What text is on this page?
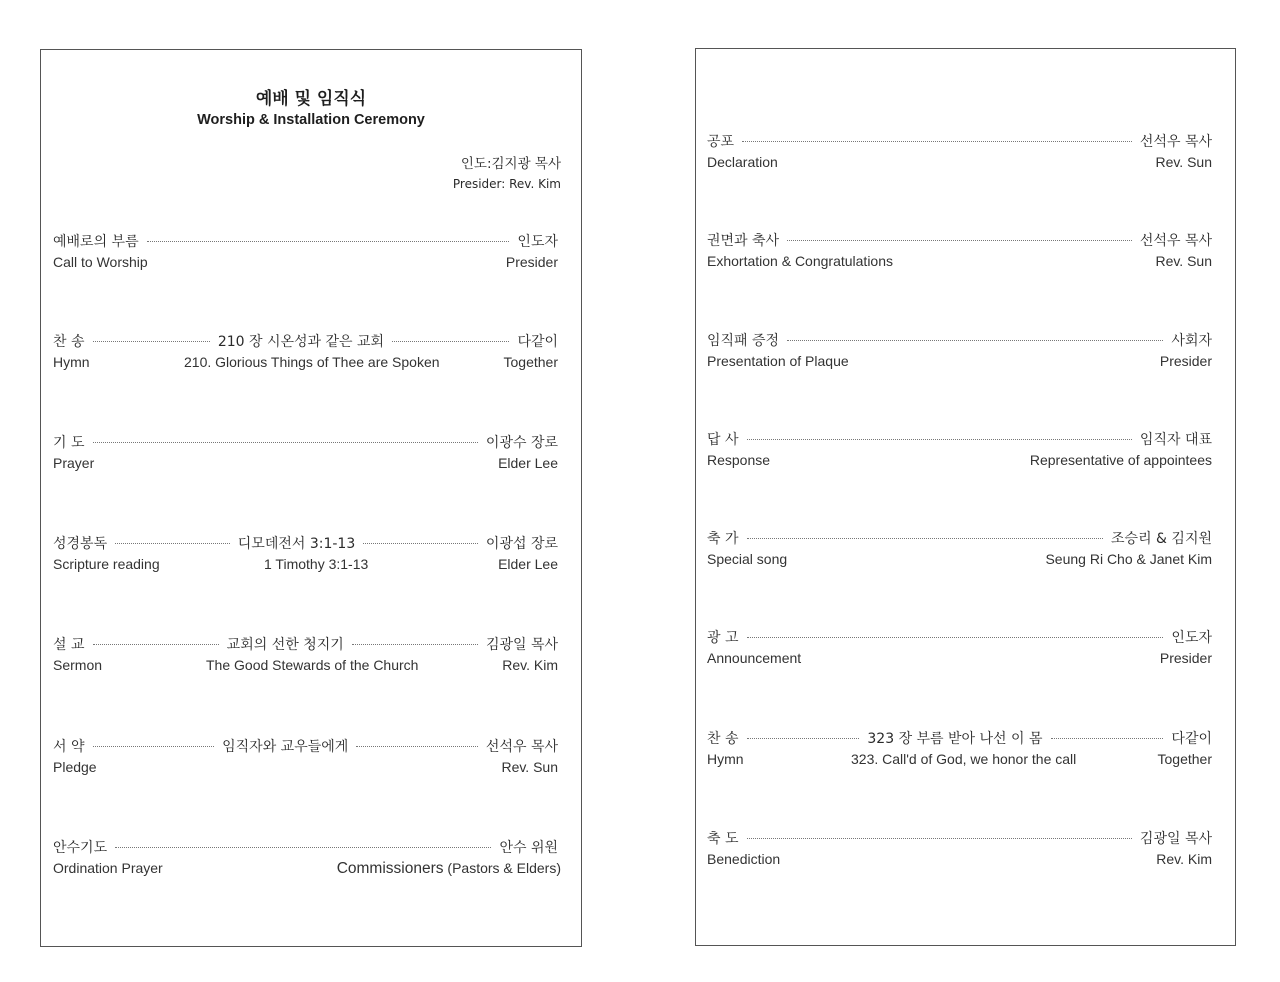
예배 및 임직식
Worship & Installation Ceremony
인도:김지광 목사
Presider: Rev. Kim
예배로의 부름	인도자
Call to Worship	Presider
찬 송	210 장 시온성과 같은 교회	다같이
Hymn	210. Glorious Things of Thee are Spoken	Together
기 도	이광수 장로
Prayer	Elder Lee
성경봉독	디모데전서 3:1-13	이광섭 장로
Scripture reading	1 Timothy 3:1-13	Elder Lee
설 교	교회의 선한 청지기	김광일 목사
Sermon	The Good Stewards of the Church	Rev. Kim
서 약	임직자와 교우들에게	선석우 목사
Pledge	Rev. Sun
안수기도	안수 위원
Ordination Prayer	Commissioners (Pastors & Elders)
공포	선석우 목사
Declaration	Rev. Sun
권면과 축사	선석우 목사
Exhortation & Congratulations	Rev. Sun
임직패 증정	사회자
Presentation of Plaque	Presider
답 사	임직자 대표
Response	Representative of appointees
축 가	조승리 & 김지원
Special song	Seung Ri Cho & Janet Kim
광 고	인도자
Announcement	Presider
찬 송	323 장 부름 받아 나선 이 몸	다같이
Hymn	323. Call'd of God, we honor the call	Together
축 도	김광일 목사
Benediction	Rev. Kim
